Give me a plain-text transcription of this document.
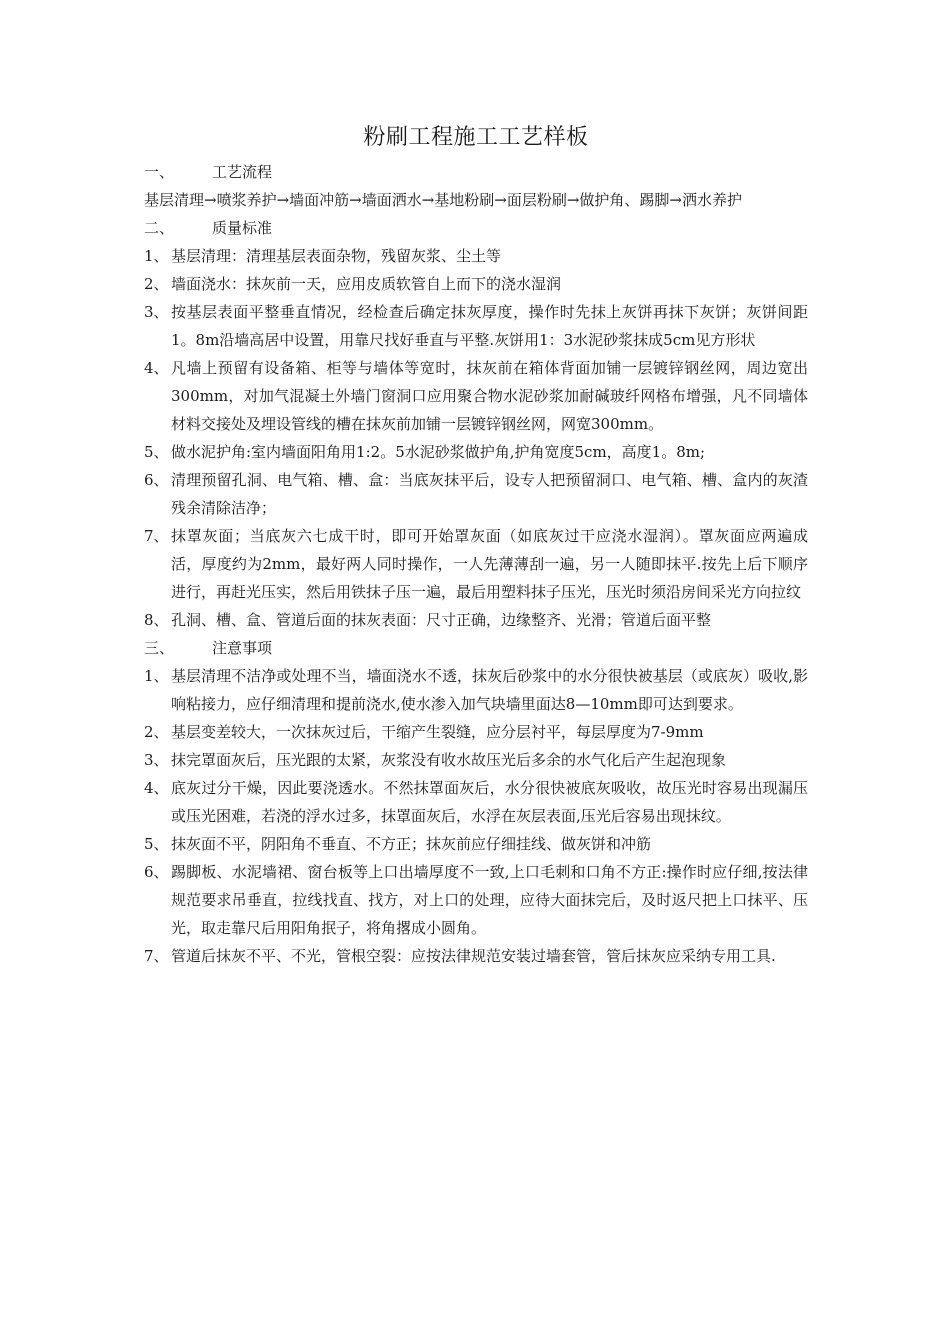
粉刷工程施工工艺样板
一、	工艺流程

基层清理→喷浆养护→墙面冲筋→墙面洒水→基地粉刷→面层粉刷→做护角、踢脚→洒水养护

二、	质量标准
1、 基层清理：清理基层表面杂物，残留灰浆、尘土等
2、 墙面浇水：抹灰前一天，应用皮质软管自上而下的浇水湿润
3、 按基层表面平整垂直情况，经检查后确定抹灰厚度，操作时先抹上灰饼再抹下灰饼；灰饼间距1。8m沿墙高居中设置，用靠尺找好垂直与平整.灰饼用1：3水泥砂浆抹成5cm见方形状
4、 凡墙上预留有设备箱、柜等与墙体等宽时，抹灰前在箱体背面加铺一层镀锌钢丝网，周边宽出300mm，对加气混凝土外墙门窗洞口应用聚合物水泥砂浆加耐碱玻纤网格布增强，凡不同墙体材料交接处及埋设管线的槽在抹灰前加铺一层镀锌钢丝网，网宽300mm。
5、 做水泥护角:室内墙面阳角用1:2。5水泥砂浆做护角,护角宽度5cm，高度1。8m;
6、 清理预留孔洞、电气箱、槽、盒：当底灰抹平后，设专人把预留洞口、电气箱、槽、盒内的灰渣残余清除洁净；
7、 抹罩灰面；当底灰六七成干时，即可开始罩灰面（如底灰过干应浇水湿润）。罩灰面应两遍成活，厚度约为2mm，最好两人同时操作，一人先薄薄刮一遍，另一人随即抹平.按先上后下顺序进行，再赶光压实，然后用铁抹子压一遍，最后用塑料抹子压光，压光时须沿房间采光方向拉纹
8、 孔洞、槽、盒、管道后面的抹灰表面：尺寸正确，边缘整齐、光滑；管道后面平整
三、	注意事项
1、 基层清理不洁净或处理不当，墙面浇水不透，抹灰后砂浆中的水分很快被基层（或底灰）吸收,影响粘接力，应仔细清理和提前浇水,使水渗入加气块墙里面达8—10mm即可达到要求。
2、 基层变差较大，一次抹灰过后，干缩产生裂缝，应分层衬平，每层厚度为7-9mm
3、 抹完罩面灰后，压光跟的太紧，灰浆没有收水故压光后多余的水气化后产生起泡现象
4、 底灰过分干燥，因此要浇透水。不然抹罩面灰后，水分很快被底灰吸收，故压光时容易出现漏压或压光困难，若浇的浮水过多，抹罩面灰后，水浮在灰层表面,压光后容易出现抹纹。
5、 抹灰面不平，阴阳角不垂直、不方正；抹灰前应仔细挂线、做灰饼和冲筋
6、 踢脚板、水泥墙裙、窗台板等上口出墙厚度不一致,上口毛刺和口角不方正:操作时应仔细,按法律规范要求吊垂直，拉线找直、找方，对上口的处理，应待大面抹完后，及时返尺把上口抹平、压光，取走靠尺后用阳角抿子，将角撂成小圆角。
7、 管道后抹灰不平、不光，管根空裂：应按法律规范安装过墙套管，管后抹灰应采纳专用工具.
